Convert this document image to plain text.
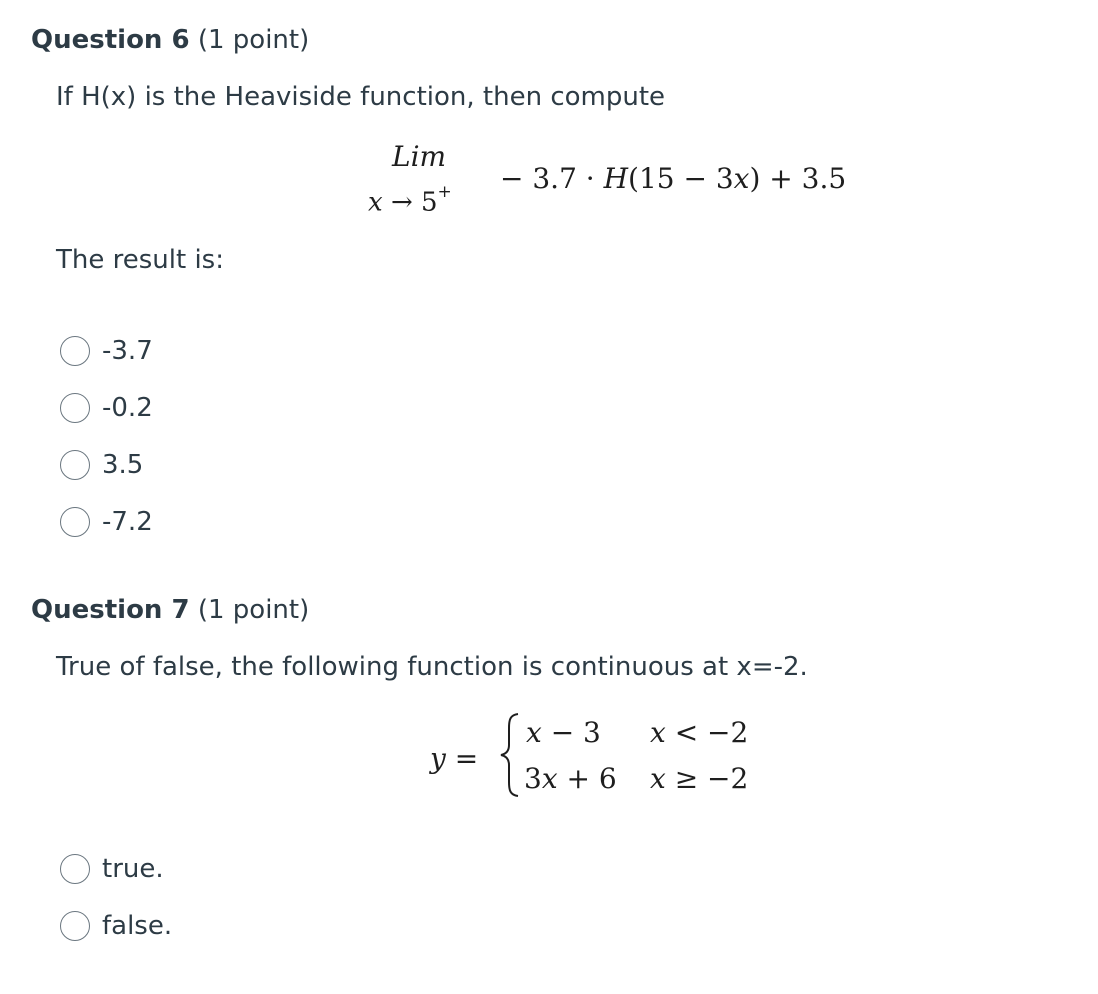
Question 6 (1 point)
If H(x) is the Heaviside function, then compute
Lim
x → 5+ − 3.7 · H(15 − 3x) + 3.5
The result is:
-3.7
-0.2
3.5
-7.2
Question 7 (1 point)
True of false, the following function is continuous at x=-2.
y =
x − 3 x < −2
3x + 6 x ≥ −2
true.
false.
